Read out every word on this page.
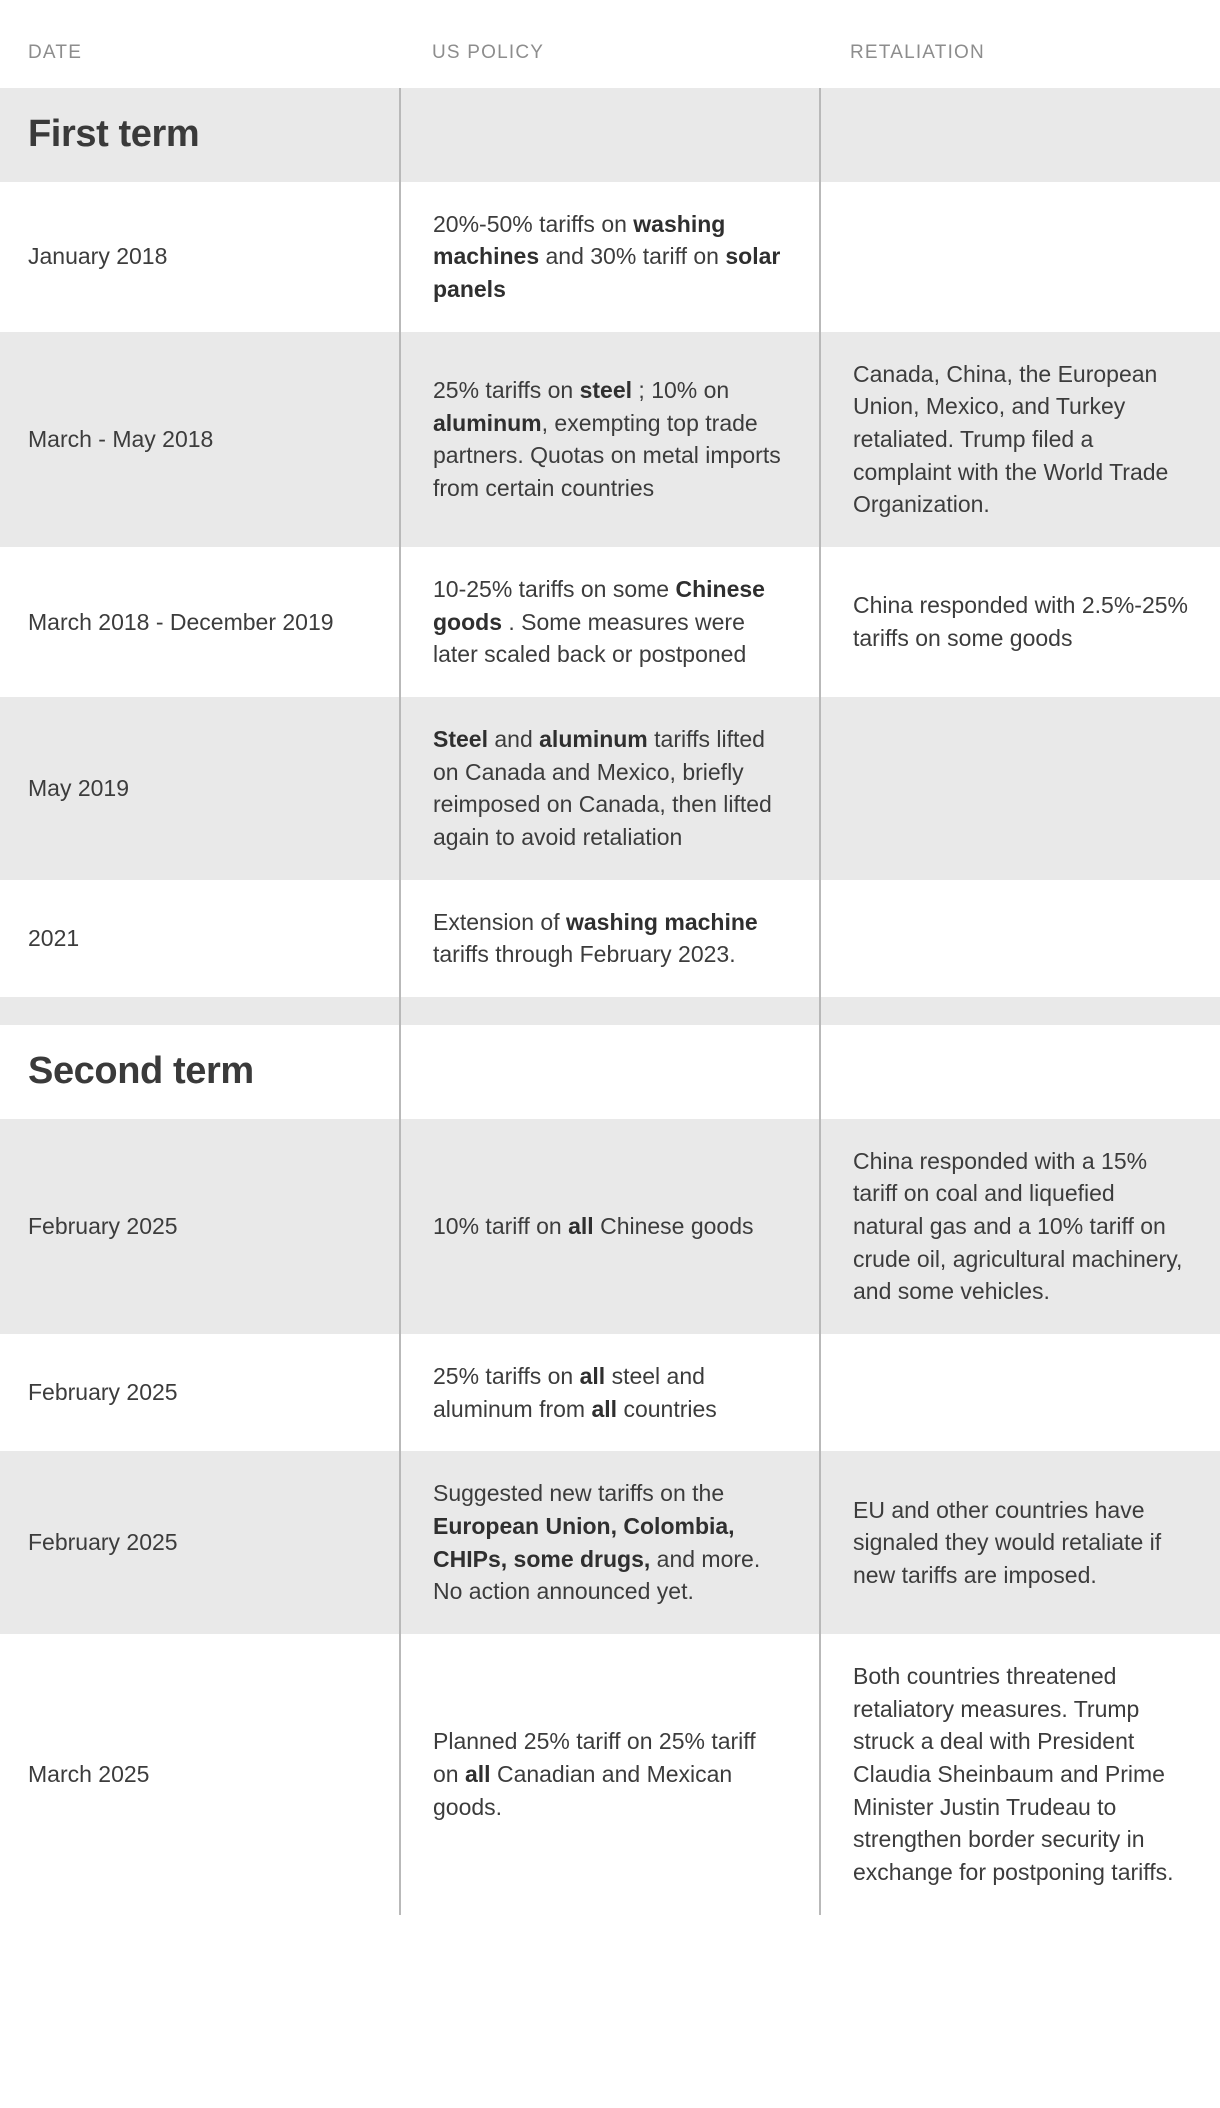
DATE	US POLICY	RETALIATION
First term	

January 2018	20%-50% tariffs on washing machines and 30% tariff on solar panels	

March - May 2018	25% tariffs on steel ; 10% on aluminum, exempting top trade partners. Quotas on metal imports from certain countries	Canada, China, the European Union, Mexico, and Turkey retaliated. Trump filed a complaint with the World Trade Organization.

March 2018 - December 2019	10-25% tariffs on some Chinese goods . Some measures were later scaled back or postponed	China responded with 2.5%-25% tariffs on some goods

May 2019	Steel and aluminum tariffs lifted on Canada and Mexico, briefly reimposed on Canada, then lifted again to avoid retaliation	

2021	Extension of washing machine tariffs through February 2023.	

Second term	

February 2025	10% tariff on all Chinese goods	China responded with a 15% tariff on coal and liquefied natural gas and a 10% tariff on crude oil, agricultural machinery, and some vehicles.

February 2025	25% tariffs on all steel and aluminum from all countries	

February 2025	Suggested new tariffs on the European Union, Colombia, CHIPs, some drugs, and more. No action announced yet.	EU and other countries have signaled they would retaliate if new tariffs are imposed.

March 2025	Planned 25% tariff on 25% tariff on all Canadian and Mexican goods.	Both countries threatened retaliatory measures. Trump struck a deal with President Claudia Sheinbaum and Prime Minister Justin Trudeau to strengthen border security in exchange for postponing tariffs.
